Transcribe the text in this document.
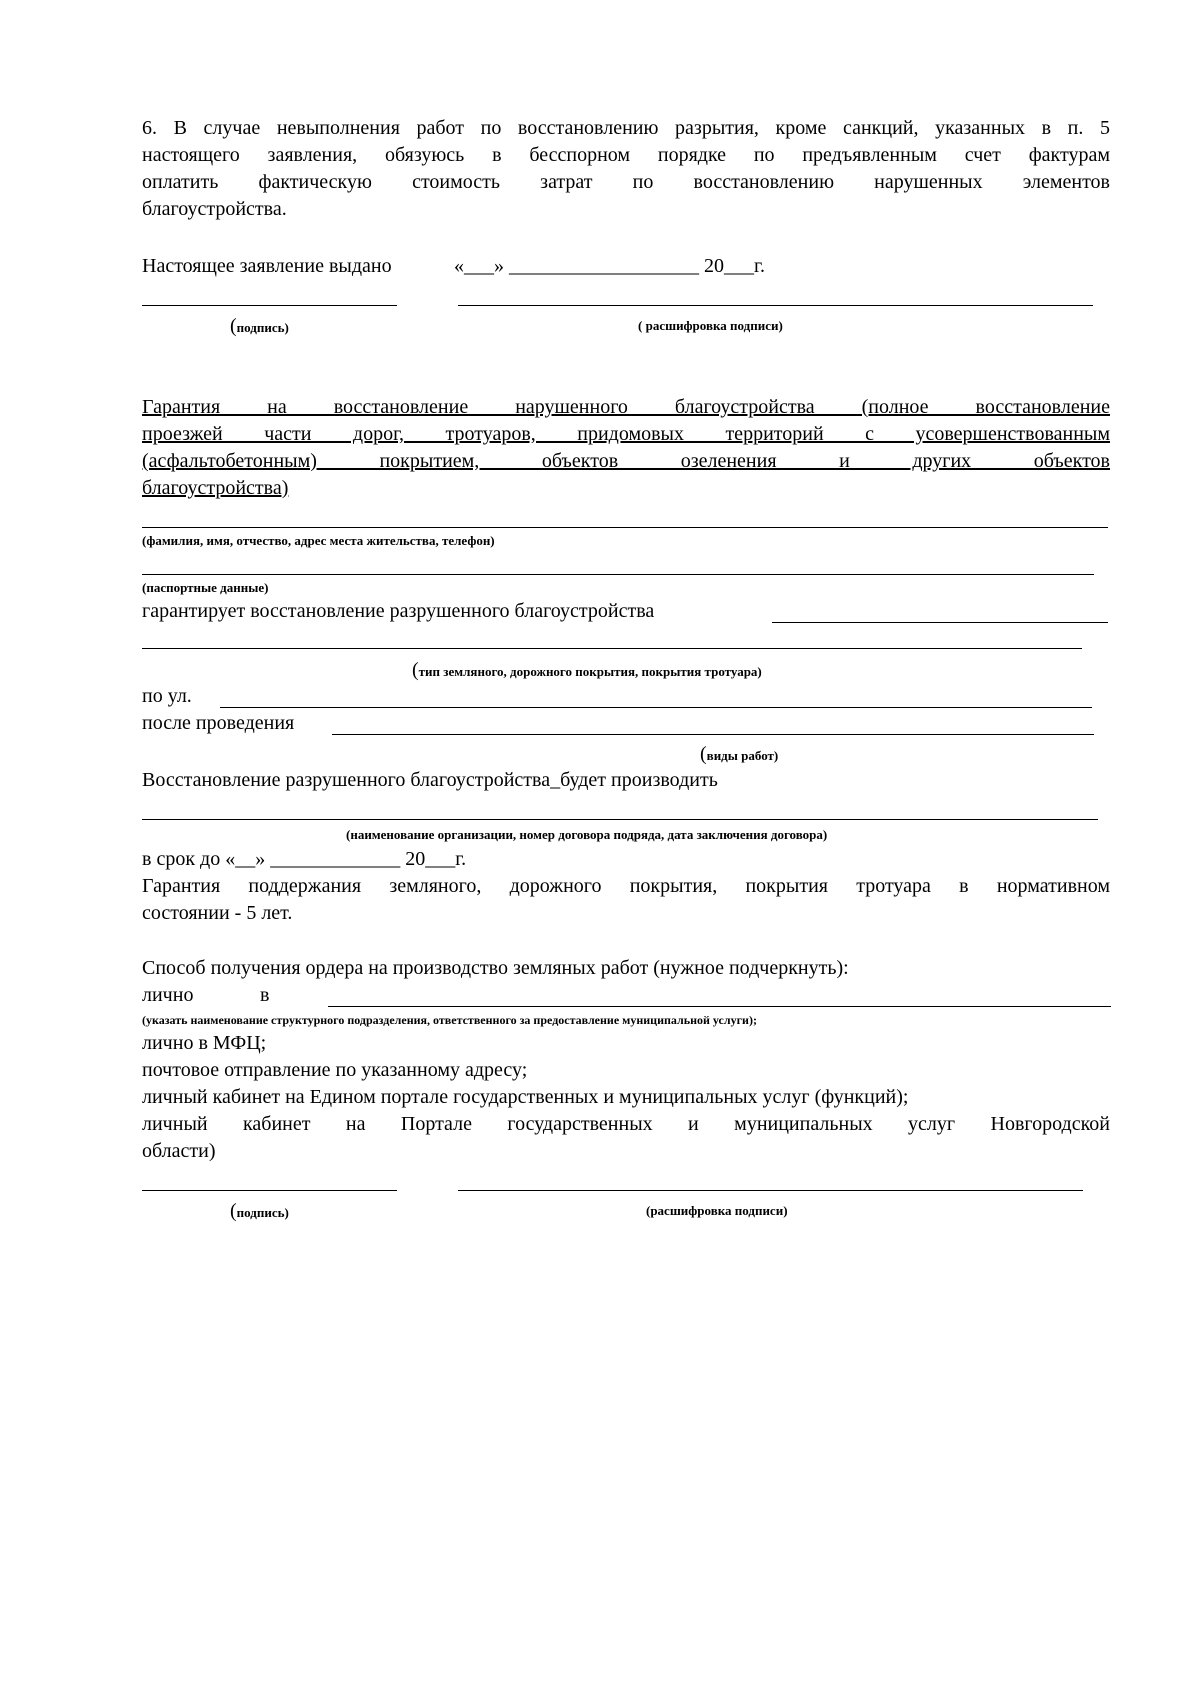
6. В случае невыполнения работ по восстановлению разрытия, кроме санкций, указанных в п. 5
настоящего заявления, обязуюсь в бесспорном порядке по предъявленным счет фактурам
оплатить фактическую стоимость затрат по восстановлению нарушенных элементов
благоустройства.
Настоящее заявление выдано	«___» ___________________ 20___г.
(подпись)	( расшифровка подписи)
Гарантия на восстановление нарушенного благоустройства (полное восстановление
проезжей части дорог, тротуаров, придомовых территорий с усовершенствованным
(асфальтобетонным) покрытием, объектов озеленения и других объектов
благоустройства)
(фамилия, имя, отчество, адрес места жительства, телефон)
(паспортные данные)
гарантирует восстановление разрушенного благоустройства
(тип земляного, дорожного покрытия, покрытия тротуара)
по ул.
после проведения
(виды работ)
Восстановление разрушенного благоустройства_будет производить
(наименование организации, номер договора подряда, дата заключения договора)
в срок до «__» _____________ 20___г.
Гарантия поддержания земляного, дорожного покрытия, покрытия тротуара в нормативном
состоянии - 5 лет.
Способ получения ордера на производство земляных работ (нужное подчеркнуть):
лично	в
(указать наименование структурного подразделения, ответственного за предоставление муниципальной услуги);
лично в МФЦ;
почтовое отправление по указанному адресу;
личный кабинет на Едином портале государственных и муниципальных услуг (функций);
личный кабинет на Портале государственных и муниципальных услуг Новгородской
области)
(подпись)	(расшифровка подписи)
